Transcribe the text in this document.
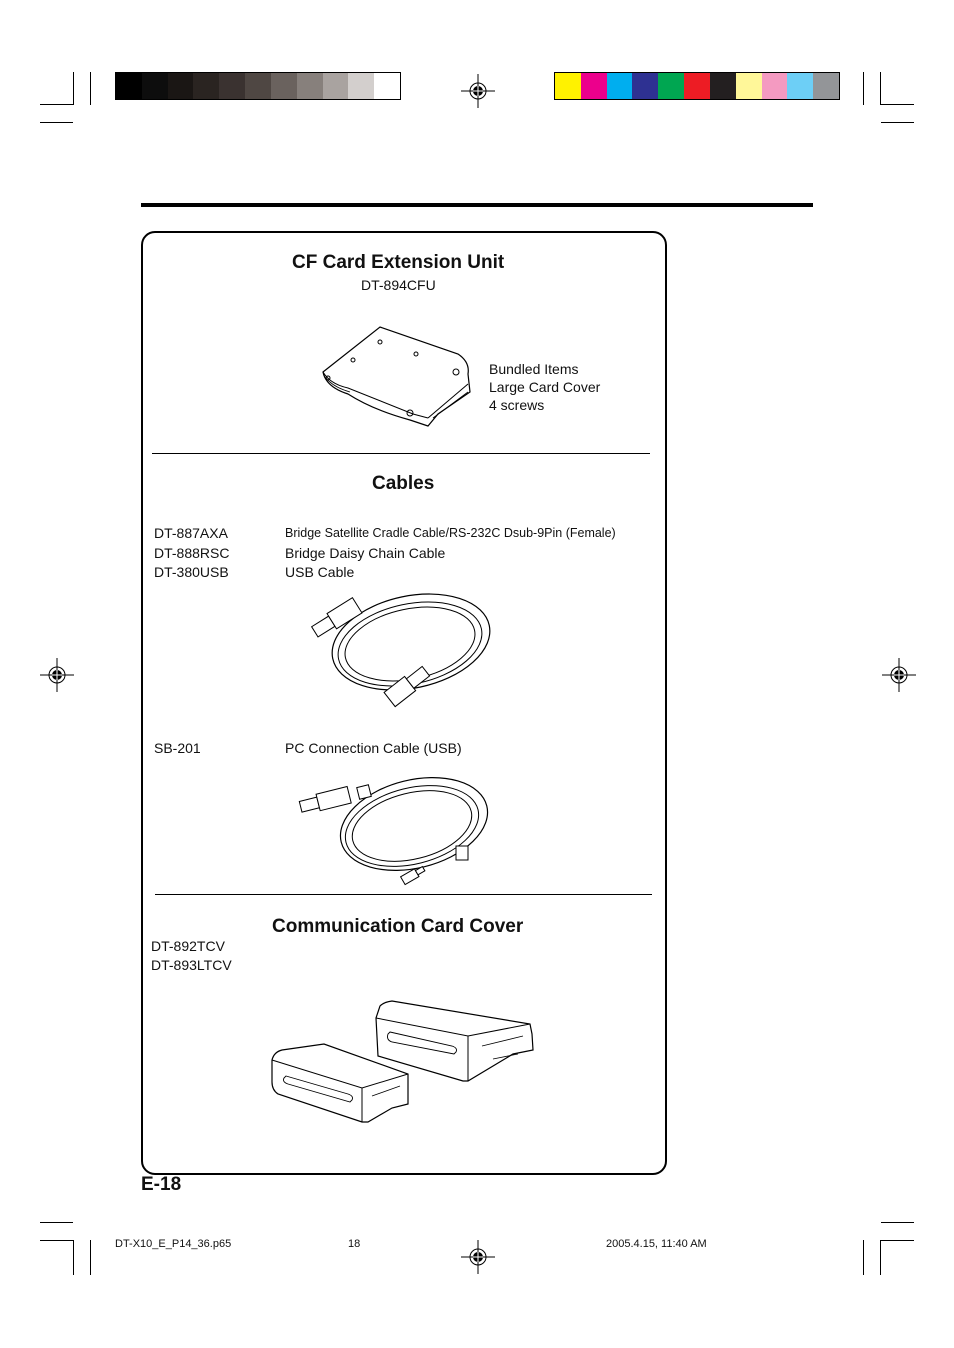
CF Card Extension Unit
DT-894CFU
Bundled Items
Large Card Cover
4 screws
Cables
DT-887AXA	Bridge Satellite Cradle Cable/RS-232C Dsub-9Pin (Female)
DT-888RSC	Bridge Daisy Chain Cable
DT-380USB	USB Cable
SB-201	PC Connection Cable (USB)
Communication Card Cover
DT-892TCV
DT-893LTCV
E-18
DT-X10_E_P14_36.p65	18	2005.4.15, 11:40 AM
